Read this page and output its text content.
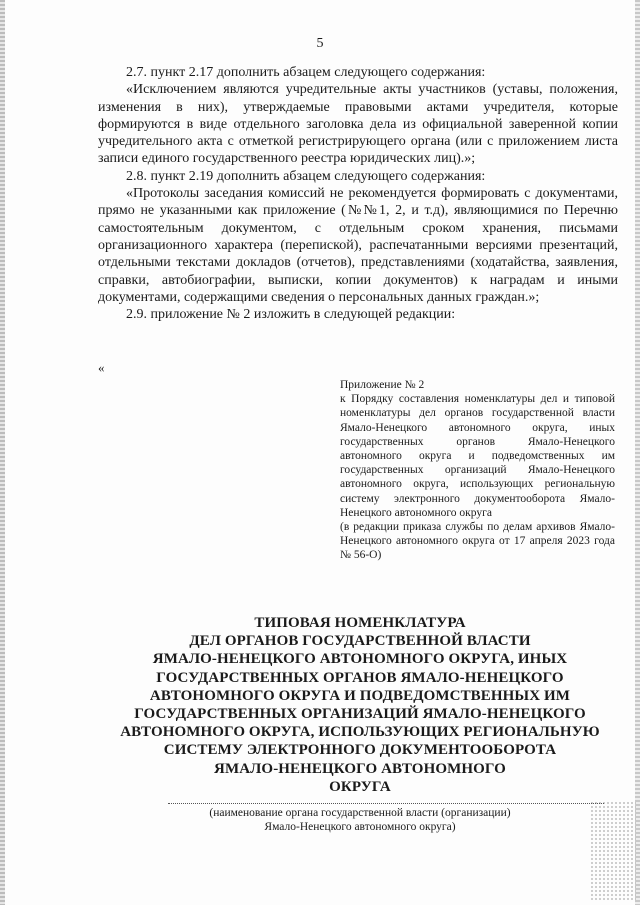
5

2.7. пункт 2.17 дополнить абзацем следующего содержания:

«Исключением являются учредительные акты участников (уставы, положения, изменения в них), утверждаемые правовыми актами учредителя, которые формируются в виде отдельного заголовка дела из официальной заверенной копии учредительного акта с отметкой регистрирующего органа (или с приложением листа записи единого государственного реестра юридических лиц).»;

2.8. пункт 2.19 дополнить абзацем следующего содержания:

«Протоколы заседания комиссий не рекомендуется формировать с документами, прямо не указанными как приложение (№№1, 2, и т.д), являющимися по Перечню самостоятельным документом, с отдельным сроком хранения, письмами организационного характера (перепиской), распечатанными версиями презентаций, отдельными текстами докладов (отчетов), представлениями (ходатайства, заявления, справки, автобиографии, выписки, копии документов) к наградам и иными документами, содержащими сведения о персональных данных граждан.»;

2.9. приложение № 2 изложить в следующей редакции:

«

Приложение № 2

к Порядку составления номенклатуры дел и типовой номенклатуры дел органов государственной власти Ямало-Ненецкого автономного округа, иных государственных органов Ямало-Ненецкого автономного округа и подведомственных им государственных организаций Ямало-Ненецкого автономного округа, использующих региональную систему электронного документооборота Ямало-Ненецкого автономного округа

(в редакции приказа службы по делам архивов Ямало-Ненецкого автономного округа от 17 апреля 2023 года № 56-О)

ТИПОВАЯ НОМЕНКЛАТУРА
ДЕЛ ОРГАНОВ ГОСУДАРСТВЕННОЙ ВЛАСТИ
ЯМАЛО-НЕНЕЦКОГО АВТОНОМНОГО ОКРУГА, ИНЫХ
ГОСУДАРСТВЕННЫХ ОРГАНОВ ЯМАЛО-НЕНЕЦКОГО
АВТОНОМНОГО ОКРУГА И ПОДВЕДОМСТВЕННЫХ ИМ
ГОСУДАРСТВЕННЫХ ОРГАНИЗАЦИЙ ЯМАЛО-НЕНЕЦКОГО
АВТОНОМНОГО ОКРУГА, ИСПОЛЬЗУЮЩИХ РЕГИОНАЛЬНУЮ
СИСТЕМУ ЭЛЕКТРОННОГО ДОКУМЕНТООБОРОТА
ЯМАЛО-НЕНЕЦКОГО АВТОНОМНОГО
ОКРУГА
(наименование органа государственной власти (организации)
Ямало-Ненецкого автономного округа)
